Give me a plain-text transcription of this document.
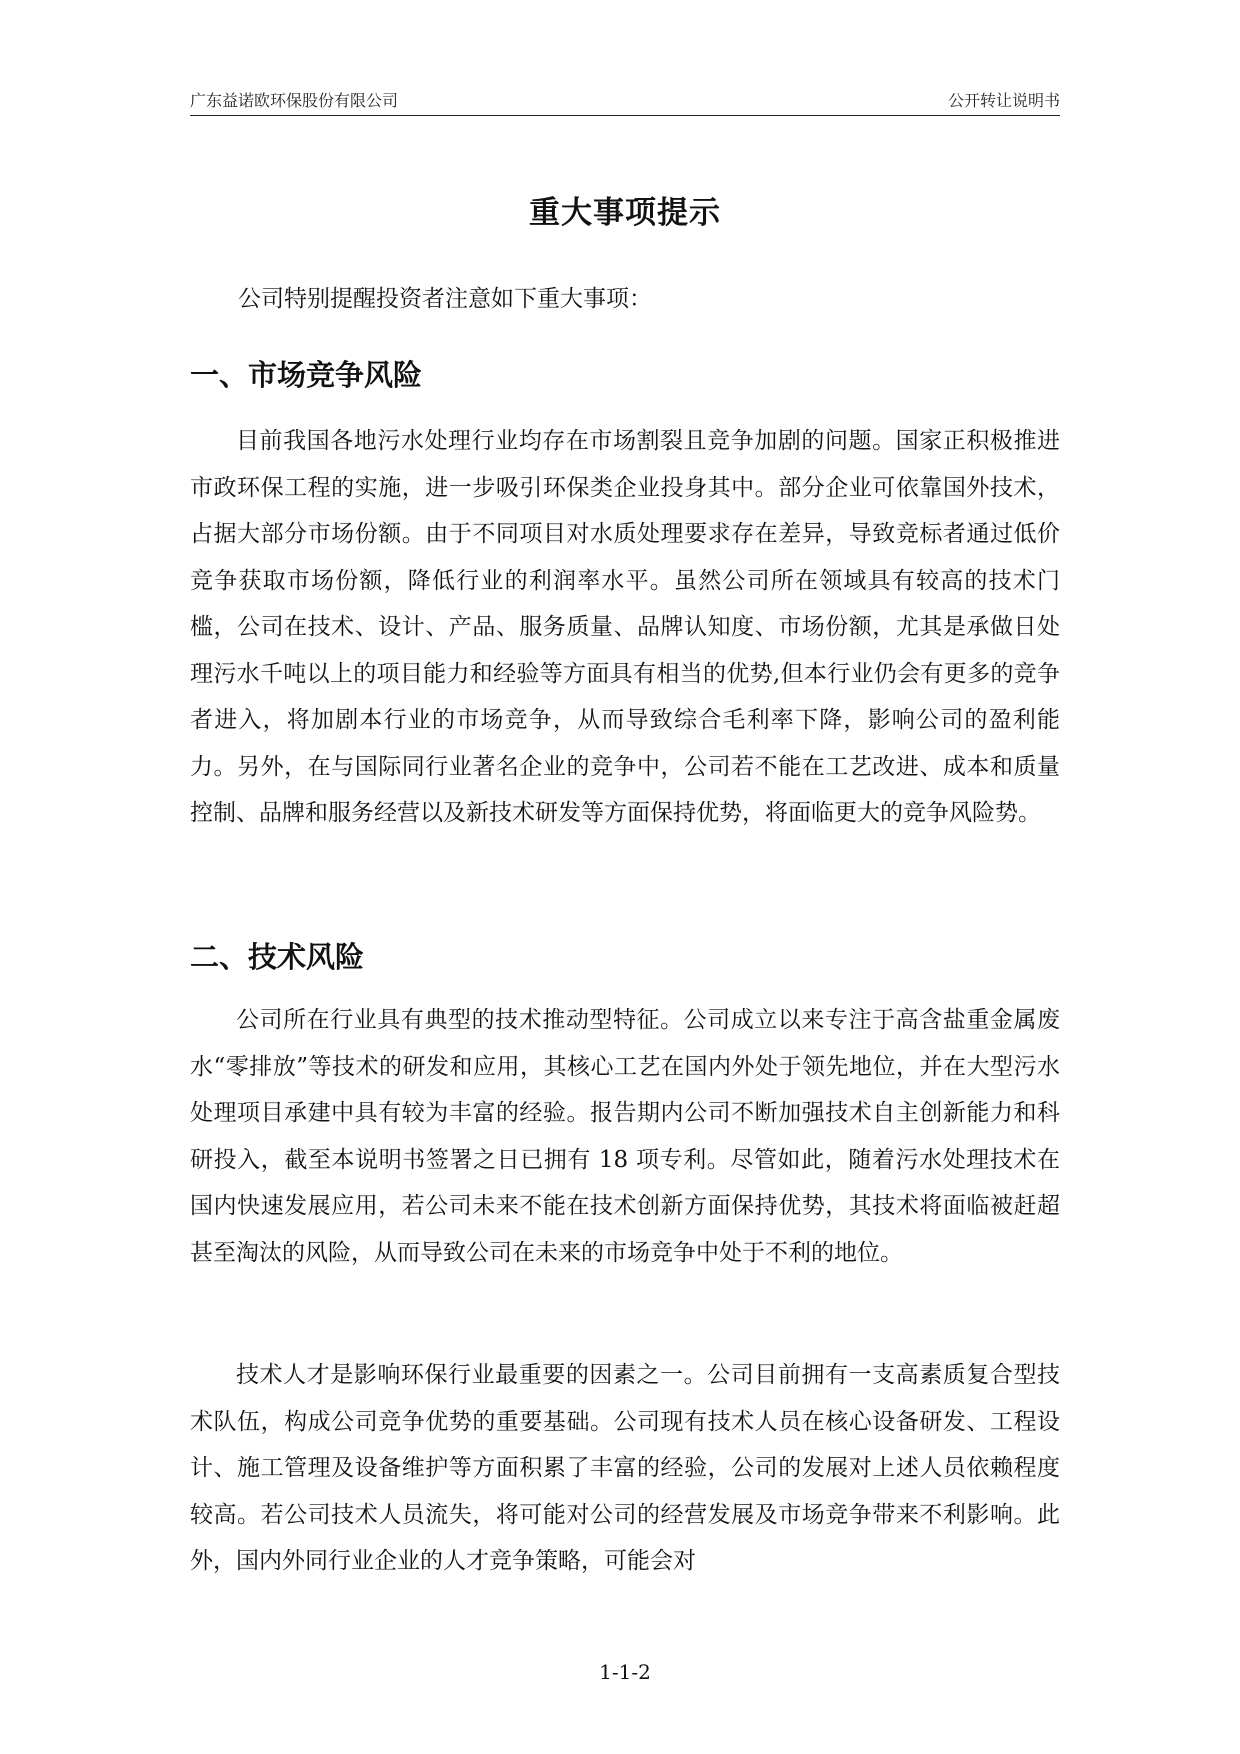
广东益诺欧环保股份有限公司	公开转让说明书
重大事项提示
公司特别提醒投资者注意如下重大事项：
一、市场竞争风险

目前我国各地污水处理行业均存在市场割裂且竞争加剧的问题。国家正积极推进市政环保工程的实施，进一步吸引环保类企业投身其中。部分企业可依靠国外技术，占据大部分市场份额。由于不同项目对水质处理要求存在差异，导致竞标者通过低价竞争获取市场份额，降低行业的利润率水平。虽然公司所在领域具有较高的技术门槛，公司在技术、设计、产品、服务质量、品牌认知度、市场份额，尤其是承做日处理污水千吨以上的项目能力和经验等方面具有相当的优势,但本行业仍会有更多的竞争者进入，将加剧本行业的市场竞争，从而导致综合毛利率下降，影响公司的盈利能力。另外，在与国际同行业著名企业的竞争中，公司若不能在工艺改进、成本和质量控制、品牌和服务经营以及新技术研发等方面保持优势，将面临更大的竞争风险势。

二、技术风险

公司所在行业具有典型的技术推动型特征。公司成立以来专注于高含盐重金属废水“零排放”等技术的研发和应用，其核心工艺在国内外处于领先地位，并在大型污水处理项目承建中具有较为丰富的经验。报告期内公司不断加强技术自主创新能力和科研投入，截至本说明书签署之日已拥有 18 项专利。尽管如此，随着污水处理技术在国内快速发展应用，若公司未来不能在技术创新方面保持优势，其技术将面临被赶超甚至淘汰的风险，从而导致公司在未来的市场竞争中处于不利的地位。

技术人才是影响环保行业最重要的因素之一。公司目前拥有一支高素质复合型技术队伍，构成公司竞争优势的重要基础。公司现有技术人员在核心设备研发、工程设计、施工管理及设备维护等方面积累了丰富的经验，公司的发展对上述人员依赖程度较高。若公司技术人员流失，将可能对公司的经营发展及市场竞争带来不利影响。此外，国内外同行业企业的人才竞争策略，可能会对

1-1-2
